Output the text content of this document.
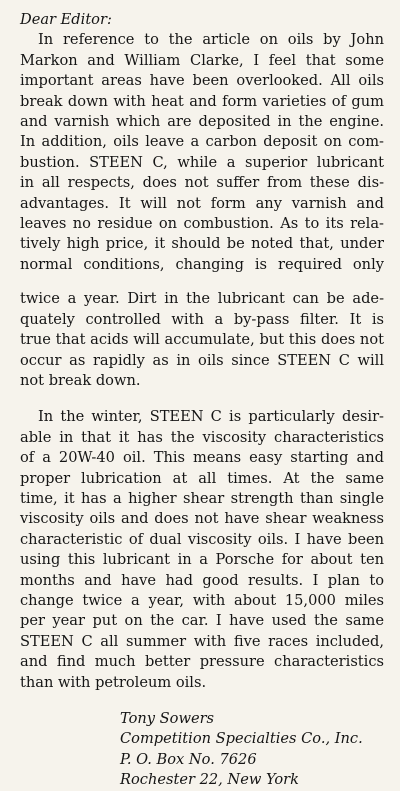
Dear Editor:

In reference to the article on oils by John
Markon and William Clarke, I feel that some
important areas have been overlooked. All oils
break down with heat and form varieties of gum
and varnish which are deposited in the engine.
In addition, oils leave a carbon deposit on com-
bustion. STEEN C, while a superior lubricant
in all respects, does not suffer from these dis-
advantages. It will not form any varnish and
leaves no residue on combustion. As to its rela-
tively high price, it should be noted that, under
normal conditions, changing is required only
twice a year. Dirt in the lubricant can be ade-
quately controlled with a by-pass filter. It is
true that acids will accumulate, but this does not
occur as rapidly as in oils since STEEN C will
not break down.
In the winter, STEEN C is particularly desir-
able in that it has the viscosity characteristics
of a 20W-40 oil. This means easy starting and
proper lubrication at all times. At the same
time, it has a higher shear strength than single
viscosity oils and does not have shear weakness
characteristic of dual viscosity oils. I have been
using this lubricant in a Porsche for about ten
months and have had good results. I plan to
change twice a year, with about 15,000 miles
per year put on the car. I have used the same
STEEN C all summer with five races included,
and find much better pressure characteristics
than with petroleum oils.
Tony Sowers
Competition Specialties Co., Inc.
P. O. Box No. 7626
Rochester 22, New York
